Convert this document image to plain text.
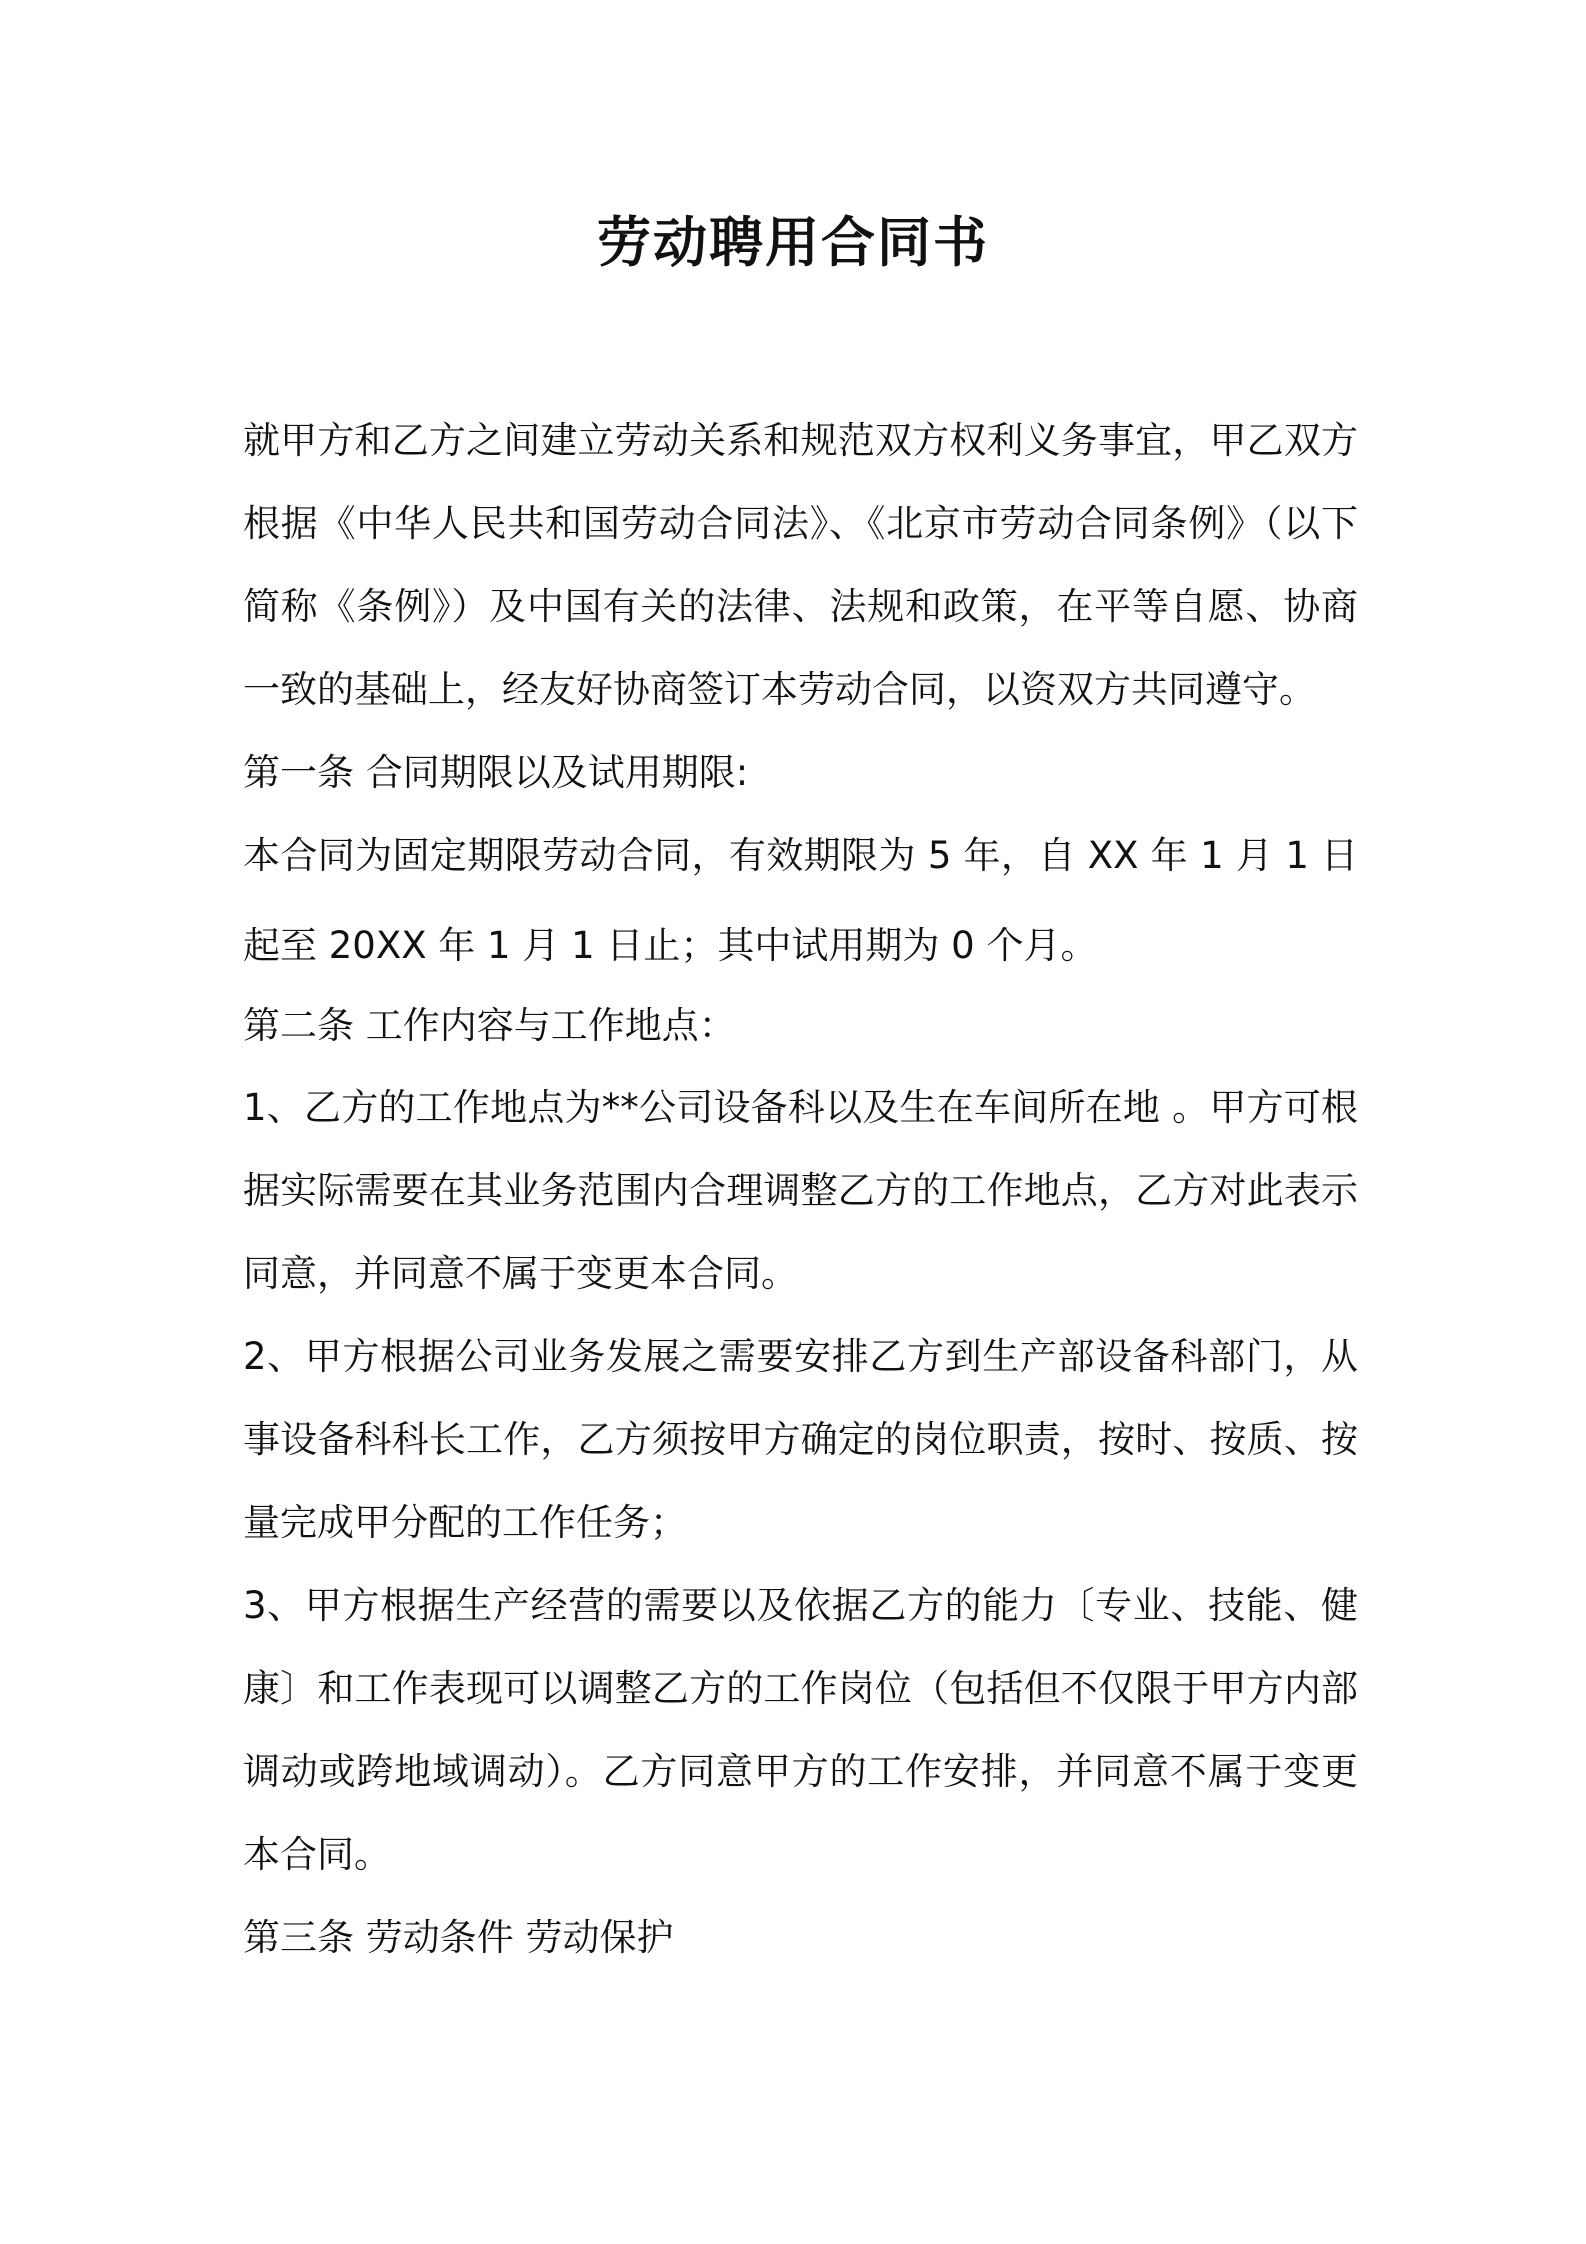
劳动聘用合同书
就甲方和乙方之间建立劳动关系和规范双方权利义务事宜，甲乙双方
根据《中华人民共和国劳动合同法》、《北京市劳动合同条例》（以下
简称《条例》）及中国有关的法律、法规和政策，在平等自愿、协商
一致的基础上，经友好协商签订本劳动合同，以资双方共同遵守。
第一条 合同期限以及试用期限:
本合同为固定期限劳动合同，有效期限为 5 年，自 XX 年 1 月 1 日
起至 20XX 年 1 月 1 日止；其中试用期为 0 个月。
第二条 工作内容与工作地点：
1、乙方的工作地点为**公司设备科以及生在车间所在地 。甲方可根
据实际需要在其业务范围内合理调整乙方的工作地点，乙方对此表示
同意，并同意不属于变更本合同。
2、甲方根据公司业务发展之需要安排乙方到生产部设备科部门，从
事设备科科长工作，乙方须按甲方确定的岗位职责，按时、按质、按
量完成甲分配的工作任务；
3、甲方根据生产经营的需要以及依据乙方的能力〔专业、技能、健
康〕和工作表现可以调整乙方的工作岗位（包括但不仅限于甲方内部
调动或跨地域调动）。乙方同意甲方的工作安排，并同意不属于变更
本合同。
第三条 劳动条件 劳动保护
